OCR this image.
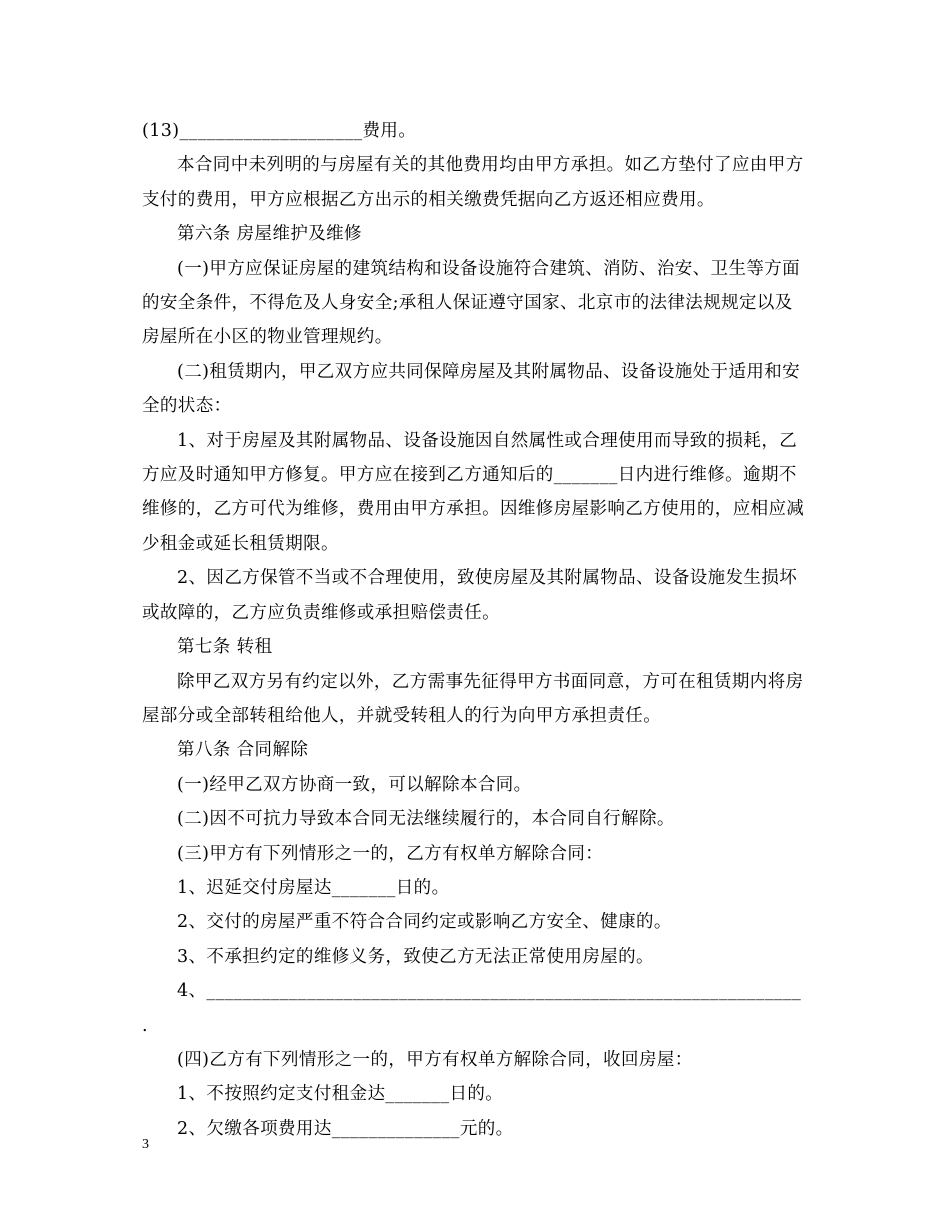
(13)____________________费用。

本合同中未列明的与房屋有关的其他费用均由甲方承担。如乙方垫付了应由甲方支付的费用，甲方应根据乙方出示的相关缴费凭据向乙方返还相应费用。

第六条 房屋维护及维修

(一)甲方应保证房屋的建筑结构和设备设施符合建筑、消防、治安、卫生等方面的安全条件，不得危及人身安全;承租人保证遵守国家、北京市的法律法规规定以及房屋所在小区的物业管理规约。

(二)租赁期内，甲乙双方应共同保障房屋及其附属物品、设备设施处于适用和安全的状态：

1、对于房屋及其附属物品、设备设施因自然属性或合理使用而导致的损耗，乙方应及时通知甲方修复。甲方应在接到乙方通知后的_______日内进行维修。逾期不维修的，乙方可代为维修，费用由甲方承担。因维修房屋影响乙方使用的，应相应减少租金或延长租赁期限。

2、因乙方保管不当或不合理使用，致使房屋及其附属物品、设备设施发生损坏或故障的，乙方应负责维修或承担赔偿责任。

第七条 转租

除甲乙双方另有约定以外，乙方需事先征得甲方书面同意，方可在租赁期内将房屋部分或全部转租给他人，并就受转租人的行为向甲方承担责任。

第八条 合同解除

(一)经甲乙双方协商一致，可以解除本合同。

(二)因不可抗力导致本合同无法继续履行的，本合同自行解除。

(三)甲方有下列情形之一的，乙方有权单方解除合同：

1、迟延交付房屋达_______日的。

2、交付的房屋严重不符合合同约定或影响乙方安全、健康的。

3、不承担约定的维修义务，致使乙方无法正常使用房屋的。

4、_________________________________________________________________ .

(四)乙方有下列情形之一的，甲方有权单方解除合同，收回房屋：

1、不按照约定支付租金达_______日的。

2、欠缴各项费用达______________元的。

3
